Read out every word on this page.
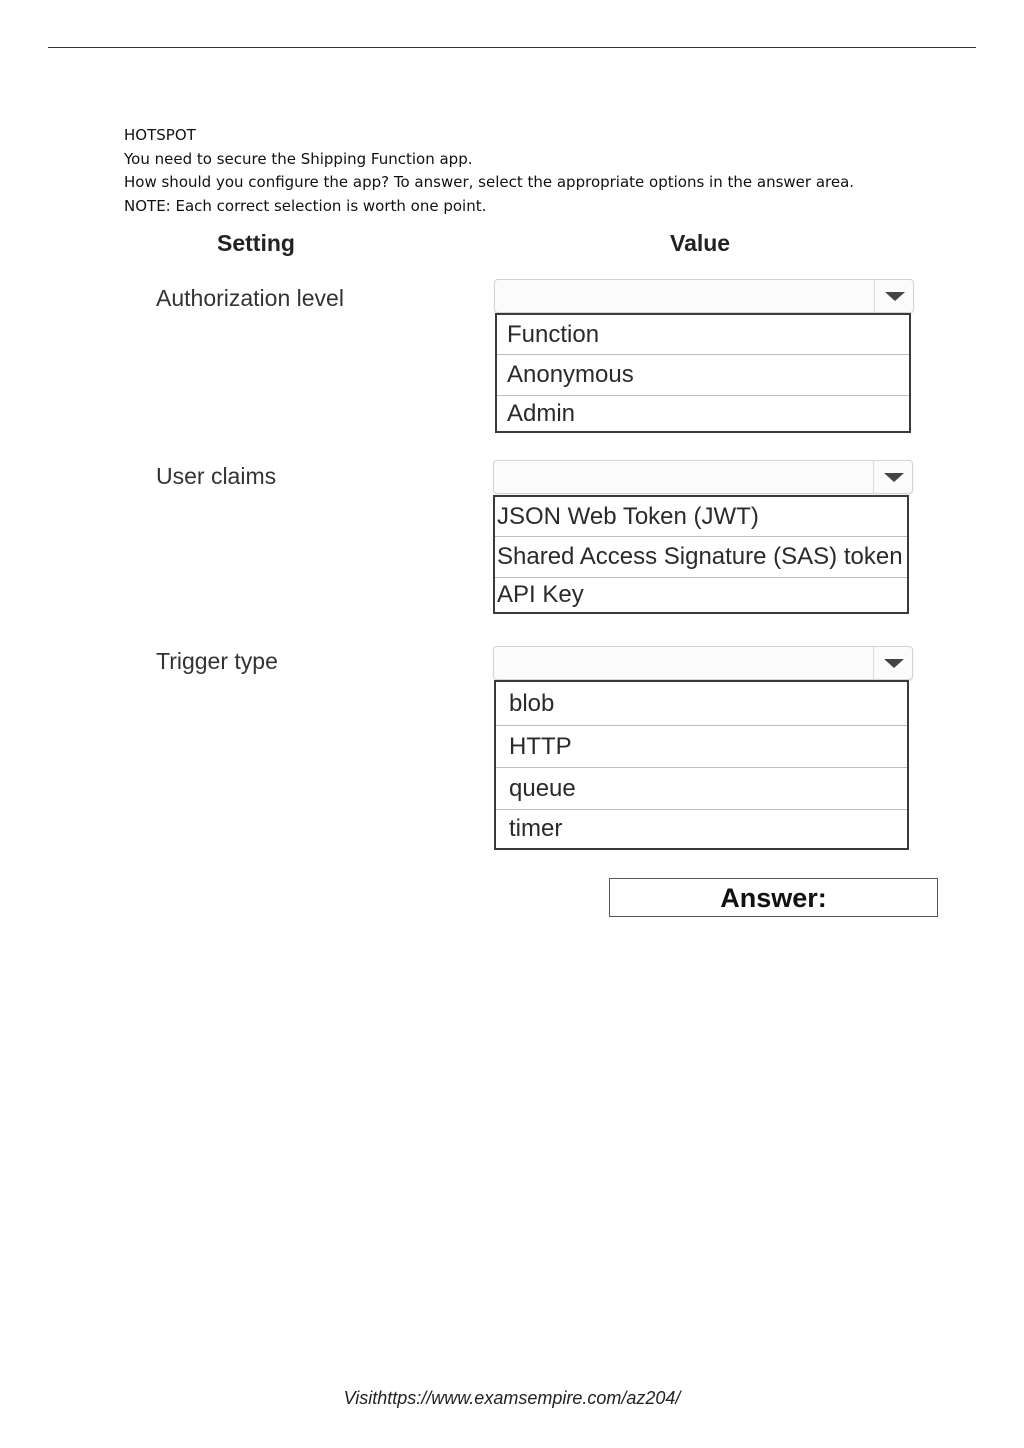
HOTSPOT
You need to secure the Shipping Function app.
How should you configure the app? To answer, select the appropriate options in the answer area.
NOTE: Each correct selection is worth one point.
Setting	Value
Authorization level
Function
Anonymous
Admin
User claims
JSON Web Token (JWT)
Shared Access Signature (SAS) token
API Key
Trigger type
blob
HTTP
queue
timer
Answer:
Visithttps://www.examsempire.com/az204/
